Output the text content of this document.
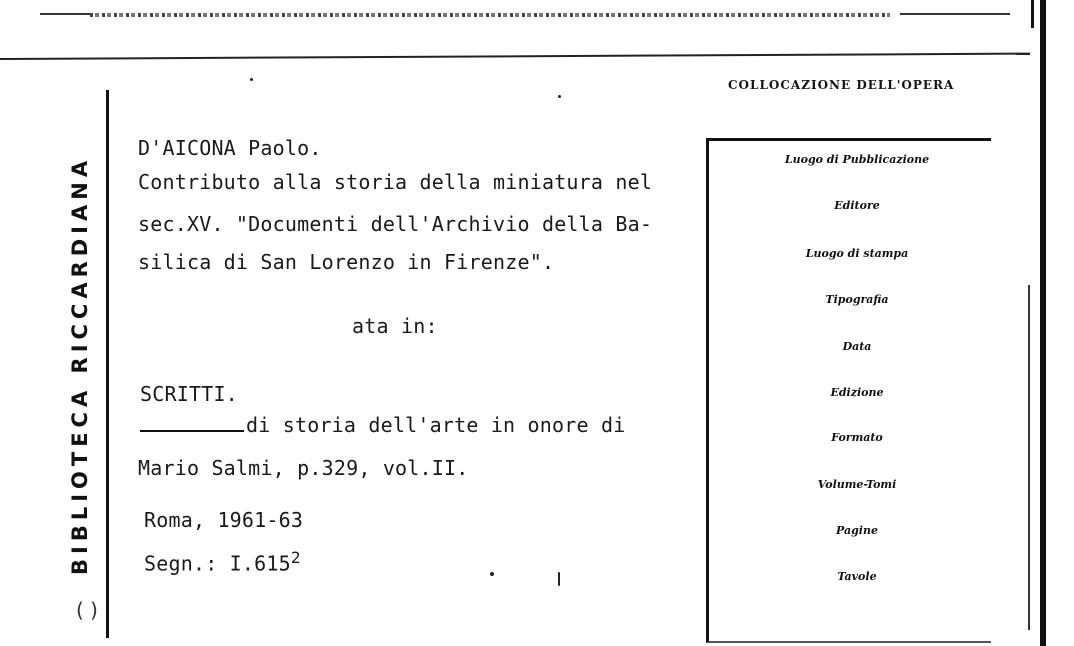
BIBLIOTECA RICCARDIANA
( )
D'AICONA Paolo.
Contributo alla storia della miniatura nel
sec.XV. "Documenti dell'Archivio della Ba-
silica di San Lorenzo in Firenze".
ata in:
SCRITTI.
di storia dell'arte in onore di
Mario Salmi, p.329, vol.II.
Roma, 1961-63
Segn.: I.615$^2$
COLLOCAZIONE DELL'OPERA
Luogo di Pubblicazione
Editore
Luogo di stampa
Tipografia
Data
Edizione
Formato
Volume-Tomi
Pagine
Tavole
